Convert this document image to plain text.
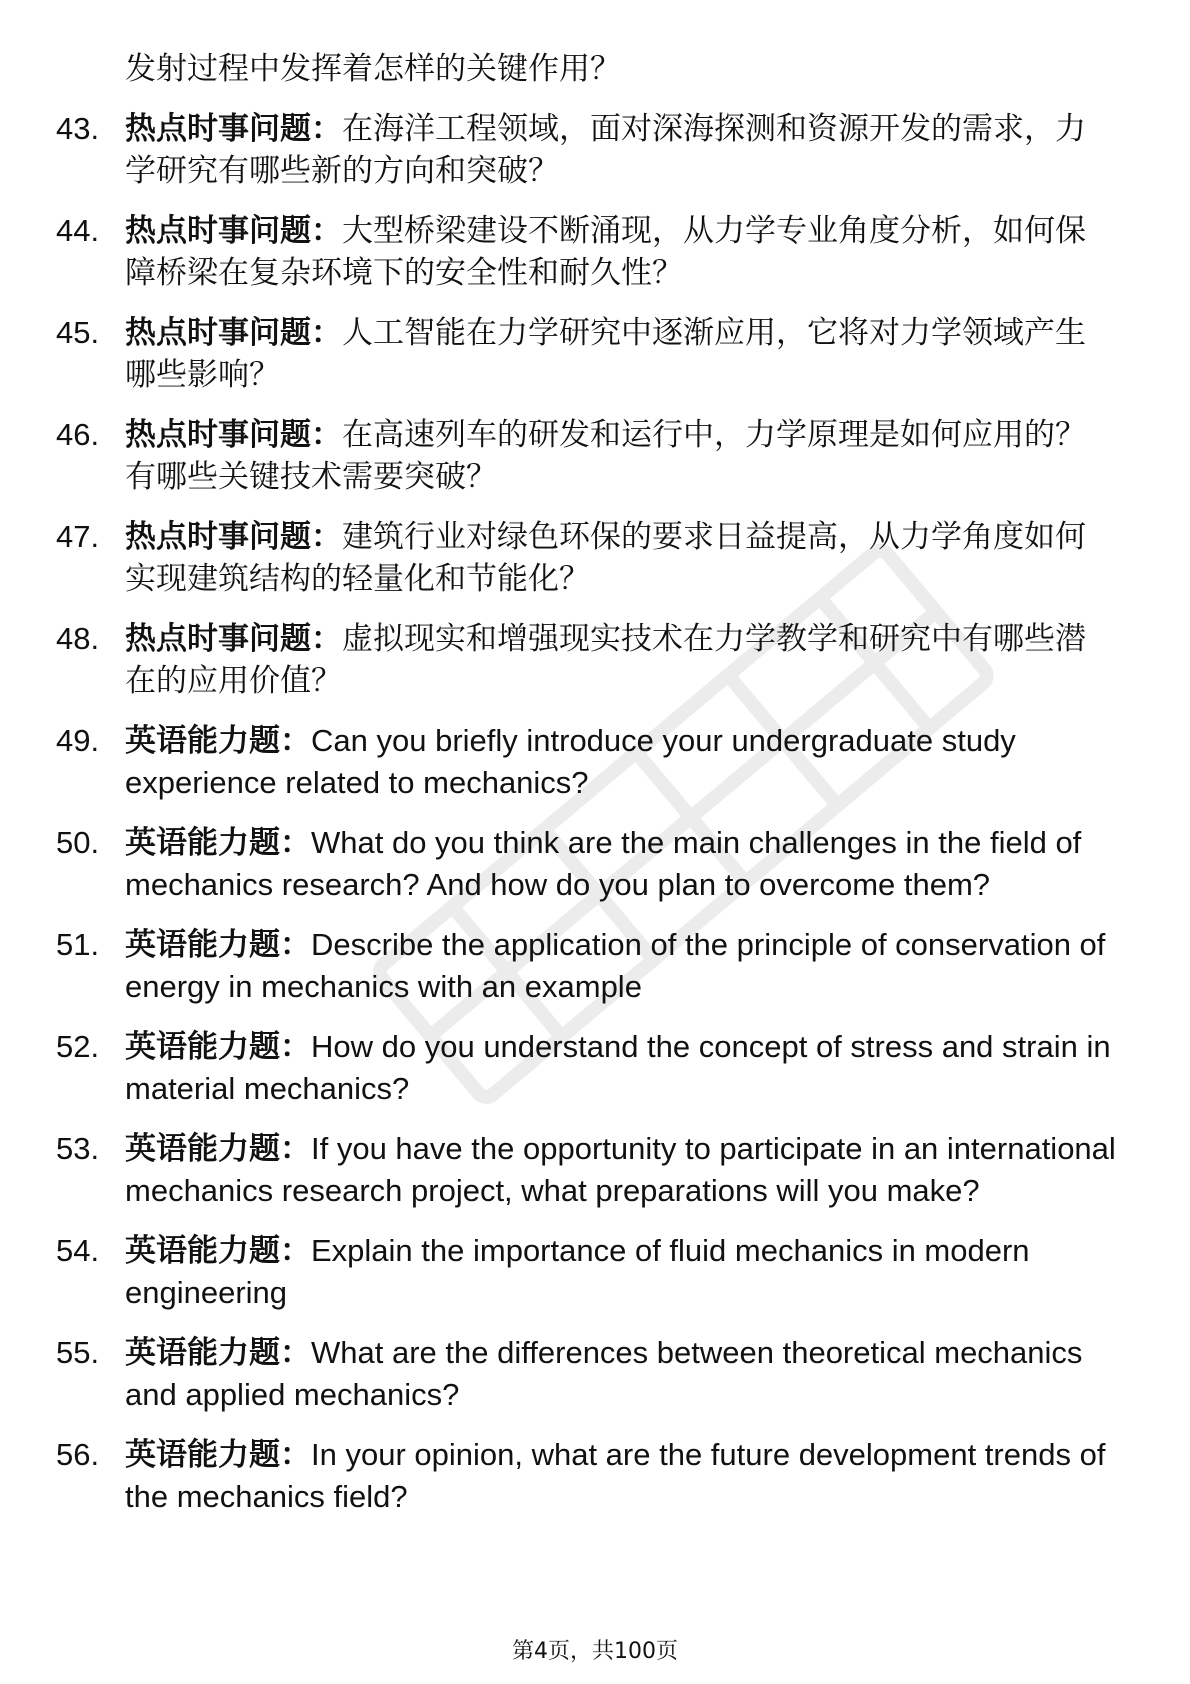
发射过程中发挥着怎样的关键作用？
43. 热点时事问题：在海洋工程领域，面对深海探测和资源开发的需求，力学研究有哪些新的方向和突破？
44. 热点时事问题：大型桥梁建设不断涌现，从力学专业角度分析，如何保障桥梁在复杂环境下的安全性和耐久性？
45. 热点时事问题：人工智能在力学研究中逐渐应用，它将对力学领域产生哪些影响？
46. 热点时事问题：在高速列车的研发和运行中，力学原理是如何应用的？有哪些关键技术需要突破？
47. 热点时事问题：建筑行业对绿色环保的要求日益提高，从力学角度如何实现建筑结构的轻量化和节能化？
48. 热点时事问题：虚拟现实和增强现实技术在力学教学和研究中有哪些潜在的应用价值？
49. 英语能力题：Can you briefly introduce your undergraduate study experience related to mechanics?
50. 英语能力题：What do you think are the main challenges in the field of mechanics research? And how do you plan to overcome them?
51. 英语能力题：Describe the application of the principle of conservation of energy in mechanics with an example
52. 英语能力题：How do you understand the concept of stress and strain in material mechanics?
53. 英语能力题：If you have the opportunity to participate in an international mechanics research project, what preparations will you make?
54. 英语能力题：Explain the importance of fluid mechanics in modern engineering
55. 英语能力题：What are the differences between theoretical mechanics and applied mechanics?
56. 英语能力题：In your opinion, what are the future development trends of the mechanics field?
第4页，共100页
